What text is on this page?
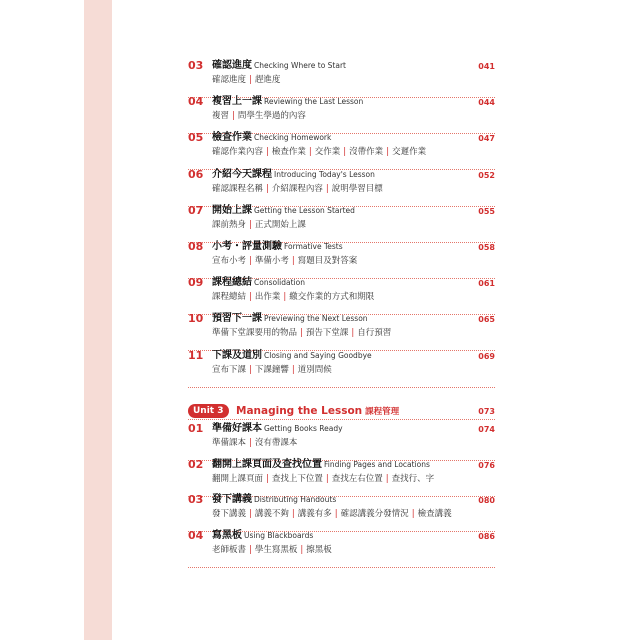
03 確認進度 Checking Where to Start	041
確認進度 | 趕進度
04 複習上一課 Reviewing the Last Lesson	044
複習 | 問學生學過的內容
05 檢查作業 Checking Homework	047
確認作業內容 | 檢查作業 | 交作業 | 沒帶作業 | 交遲作業
06 介紹今天課程 Introducing Today's Lesson	052
確認課程名稱 | 介紹課程內容 | 說明學習目標
07 開始上課 Getting the Lesson Started	055
課前熱身 | 正式開始上課
08 小考・評量測驗 Formative Tests	058
宣布小考 | 準備小考 | 寫題目及對答案
09 課程總結 Consolidation	061
課程總結 | 出作業 | 繳交作業的方式和期限
10 預習下一課 Previewing the Next Lesson	065
準備下堂課要用的物品 | 預告下堂課 | 自行預習
11 下課及道別 Closing and Saying Goodbye	069
宣布下課 | 下課鐘響 | 道別問候
Unit 3	Managing the Lesson 課程管理	073
01 準備好課本 Getting Books Ready	074
準備課本 | 沒有帶課本
02 翻開上課頁面及查找位置 Finding Pages and Locations	076
翻開上課頁面 | 查找上下位置 | 查找左右位置 | 查找行、字
03 發下講義 Distributing Handouts	080
發下講義 | 講義不夠 | 講義有多 | 確認講義分發情況 | 檢查講義
04 寫黑板 Using Blackboards	086
老師板書 | 學生寫黑板 | 擦黑板
